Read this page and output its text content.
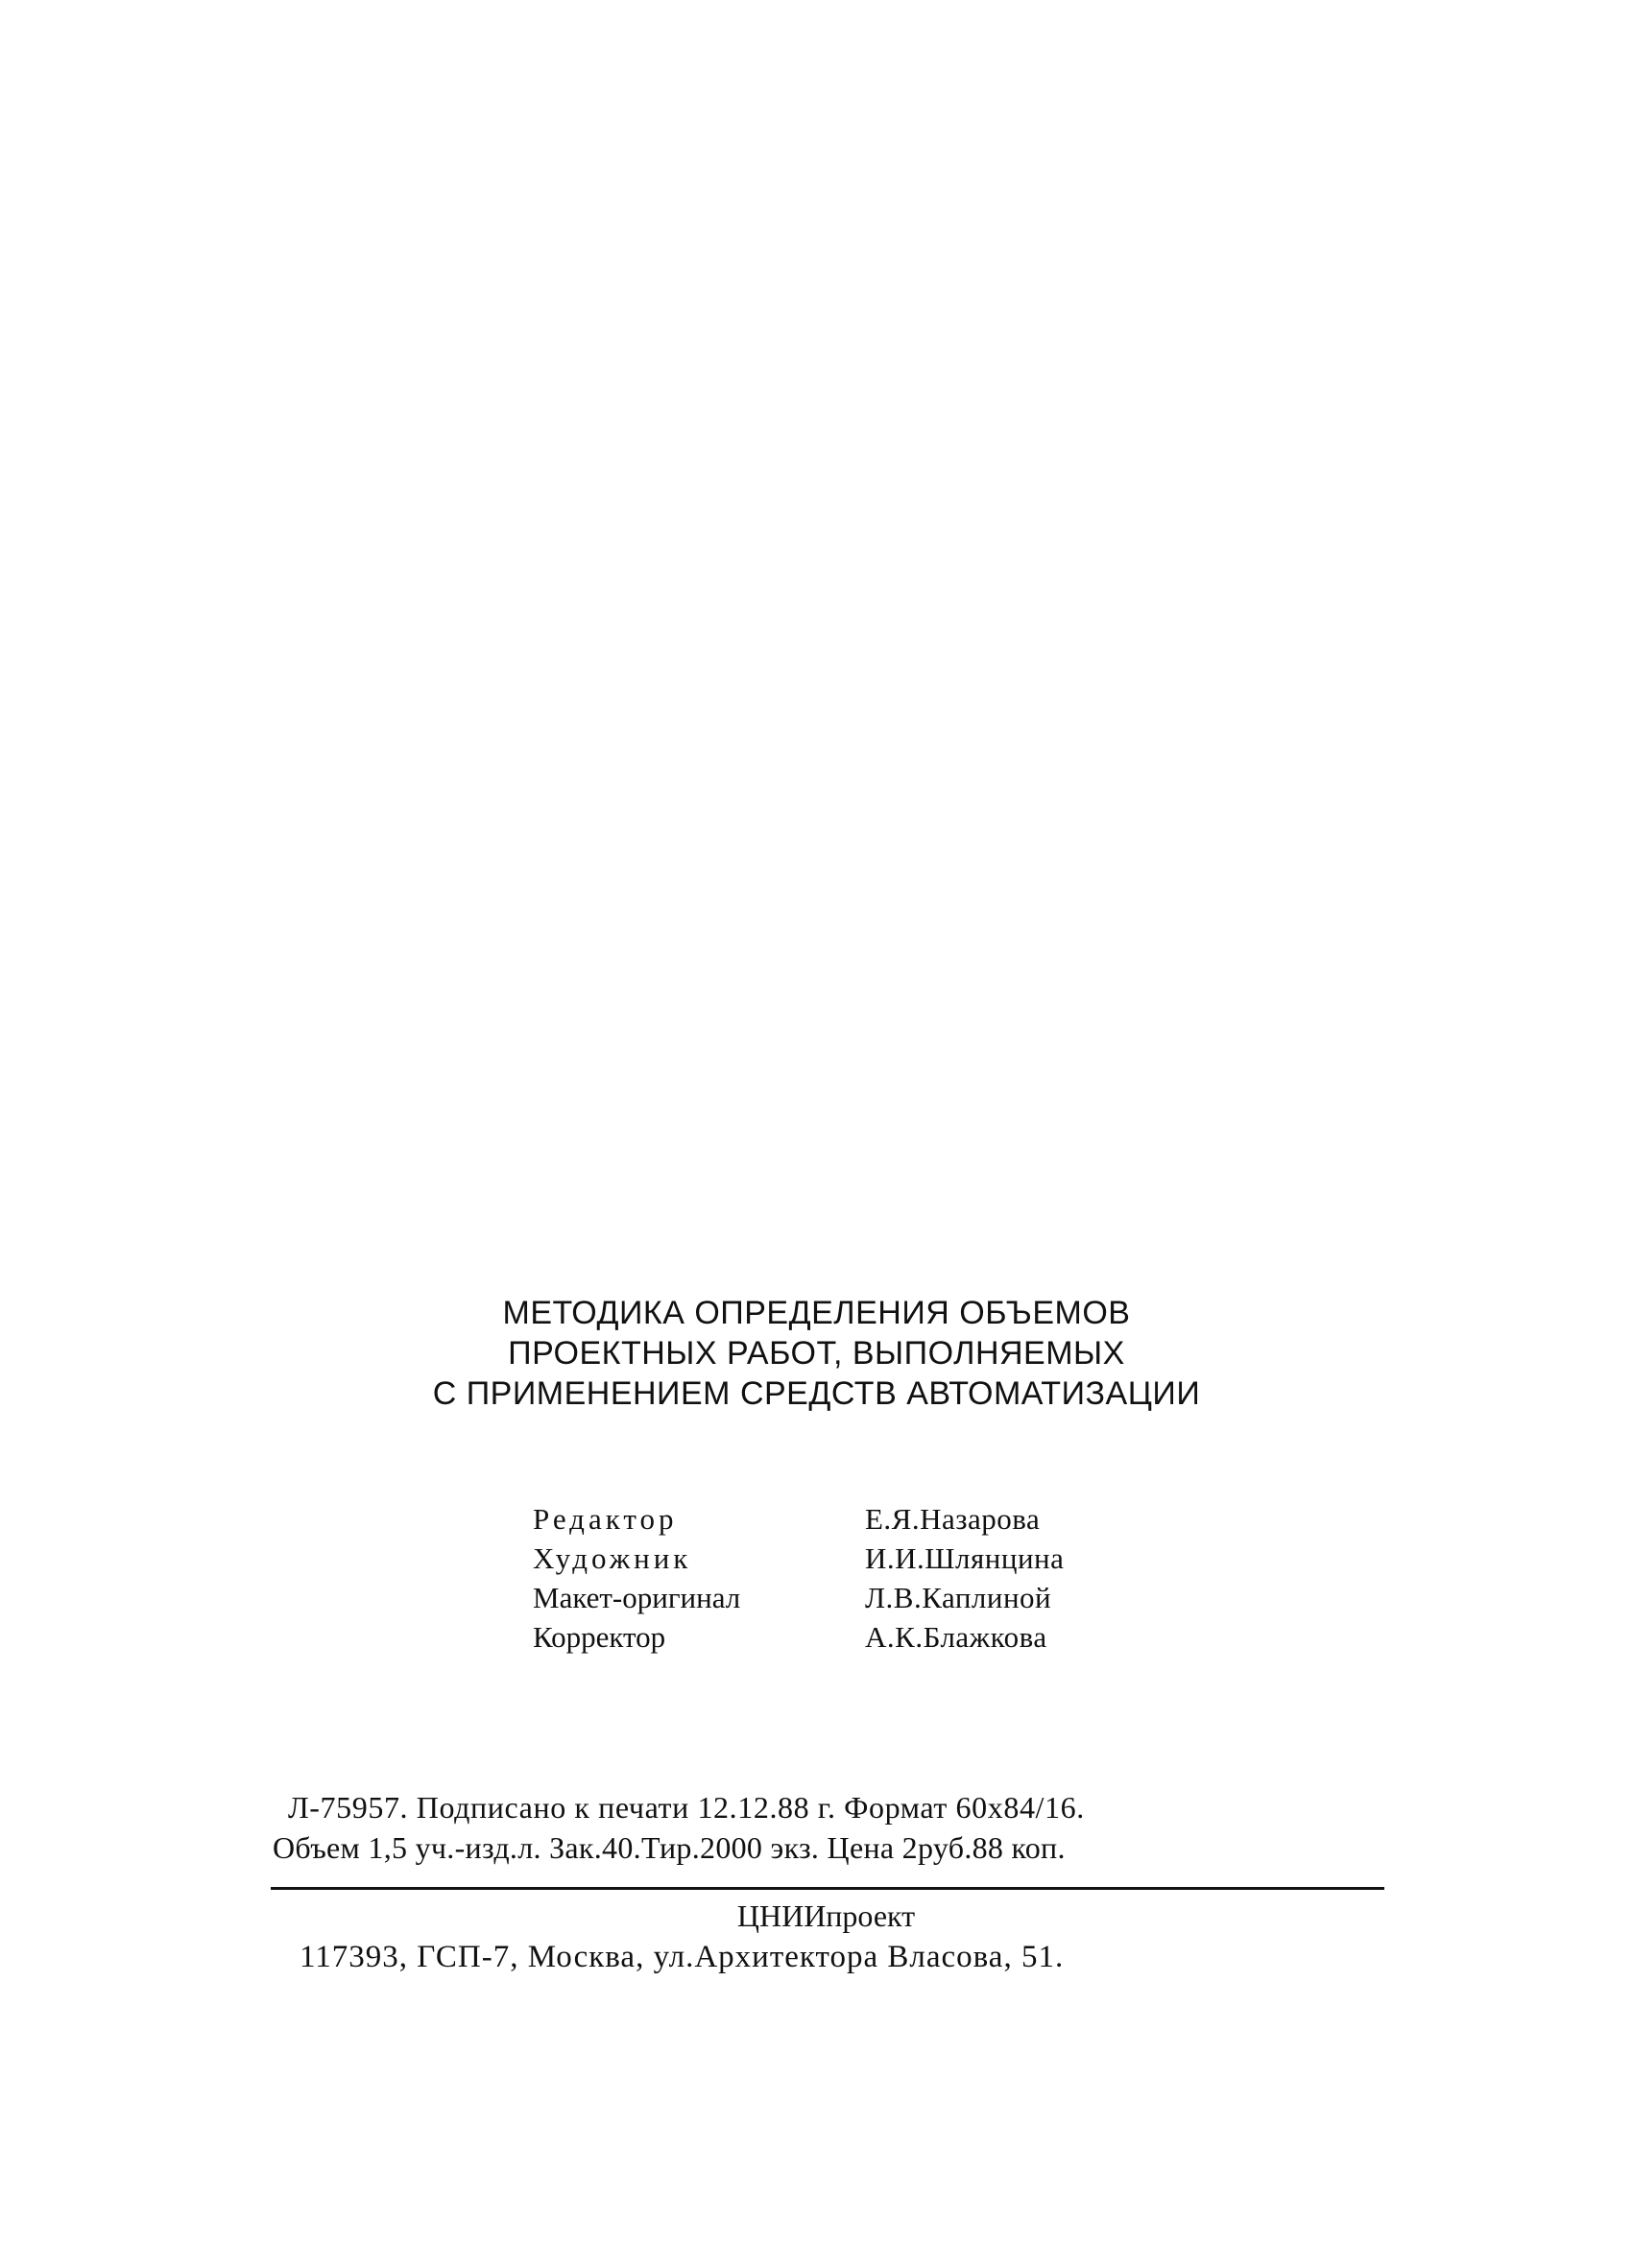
МЕТОДИКА ОПРЕДЕЛЕНИЯ ОБЪЕМОВ
ПРОЕКТНЫХ РАБОТ, ВЫПОЛНЯЕМЫХ
С ПРИМЕНЕНИЕМ СРЕДСТВ АВТОМАТИЗАЦИИ
Редактор	Е.Я.Назарова
Художник	И.И.Шлянцина
Макет-оригинал	Л.В.Каплиной
Корректор	А.К.Блажкова
Л-75957. Подписано к печати 12.12.88 г. Формат 60x84/16.
Объем 1,5 уч.-изд.л. Зак.40.Тир.2000 экз. Цена 2руб.88 коп.
ЦНИИпроект
117393, ГСП-7, Москва, ул.Архитектора Власова, 51.
